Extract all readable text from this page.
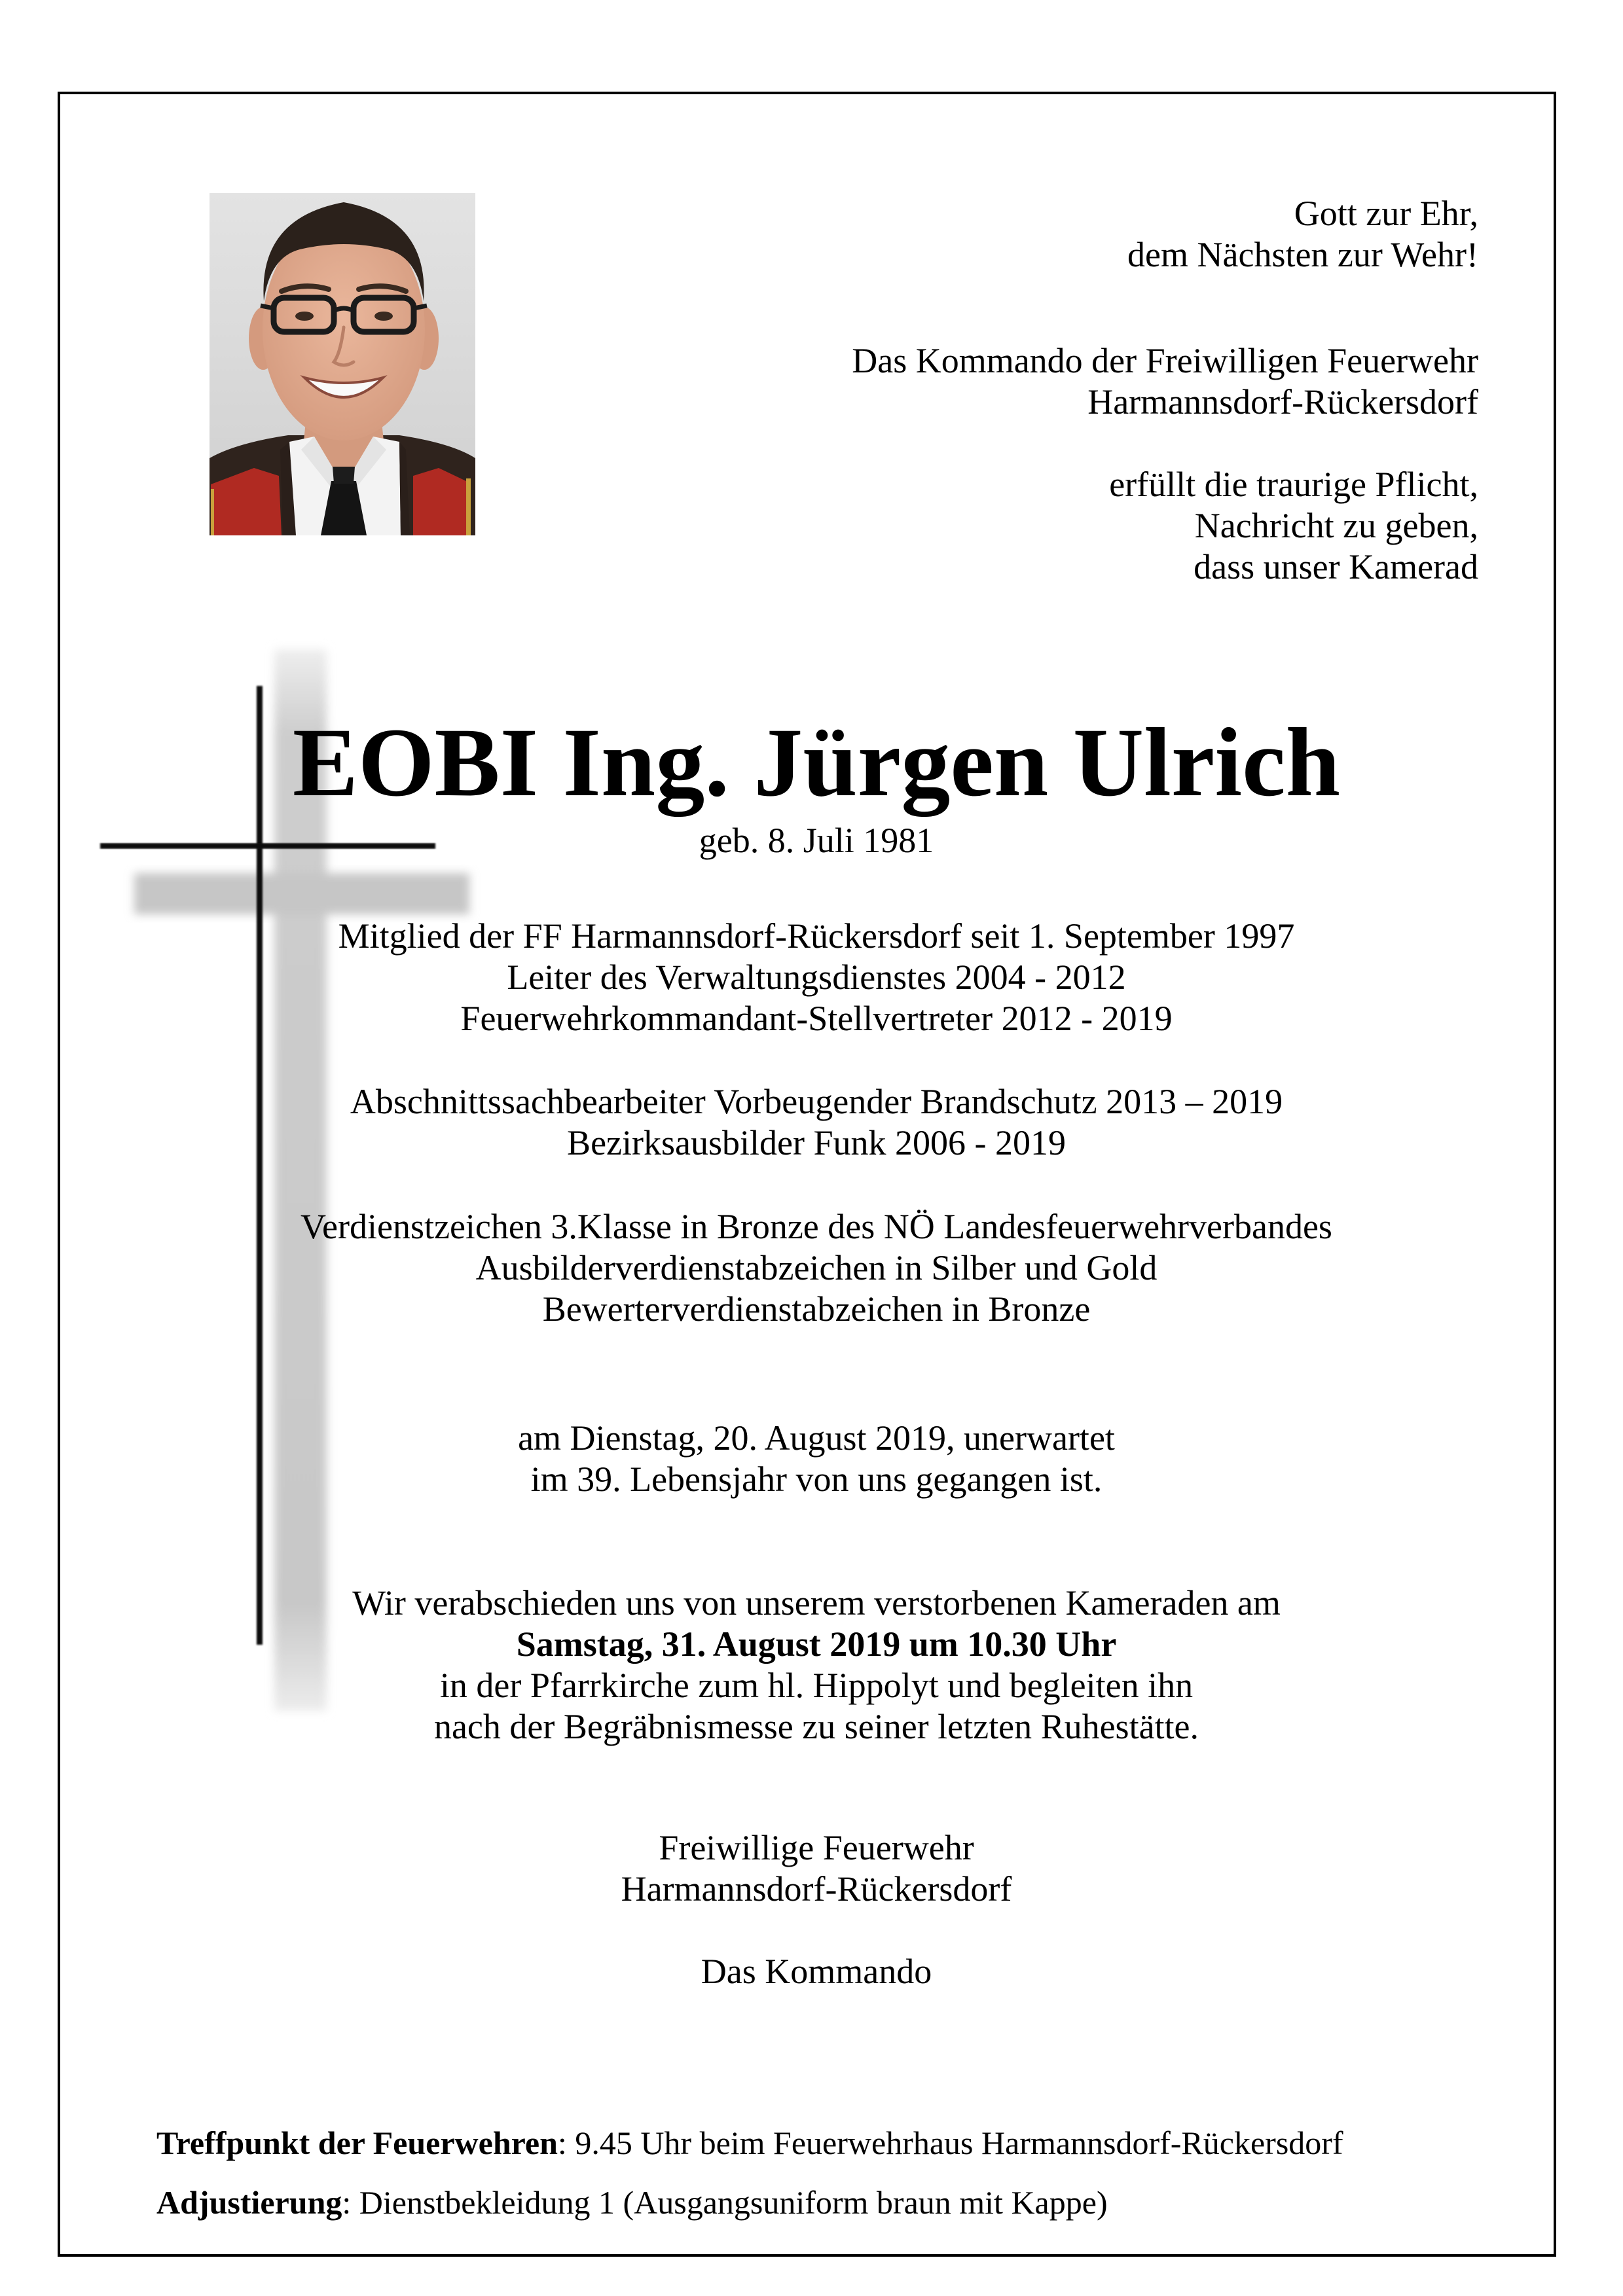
Gott zur Ehr,
dem Nächsten zur Wehr!
Das Kommando der Freiwilligen Feuerwehr
Harmannsdorf-Rückersdorf
erfüllt die traurige Pflicht,
Nachricht zu geben,
dass unser Kamerad
EOBI Ing. Jürgen Ulrich
geb. 8. Juli 1981
Mitglied der FF Harmannsdorf-Rückersdorf seit 1. September 1997
Leiter des Verwaltungsdienstes 2004 - 2012
Feuerwehrkommandant-Stellvertreter 2012 - 2019
Abschnittssachbearbeiter Vorbeugender Brandschutz 2013 – 2019
Bezirksausbilder Funk 2006 - 2019
Verdienstzeichen 3.Klasse in Bronze des NÖ Landesfeuerwehrverbandes
Ausbilderverdienstabzeichen in Silber und Gold
Bewerterverdienstabzeichen in Bronze
am Dienstag, 20. August 2019, unerwartet
im 39. Lebensjahr von uns gegangen ist.
Wir verabschieden uns von unserem verstorbenen Kameraden am
Samstag, 31. August 2019 um 10.30 Uhr
in der Pfarrkirche zum hl. Hippolyt und begleiten ihn
nach der Begräbnismesse zu seiner letzten Ruhestätte.
Freiwillige Feuerwehr
Harmannsdorf-Rückersdorf
Das Kommando
Treffpunkt der Feuerwehren: 9.45 Uhr beim Feuerwehrhaus Harmannsdorf-Rückersdorf
Adjustierung: Dienstbekleidung 1 (Ausgangsuniform braun mit Kappe)
